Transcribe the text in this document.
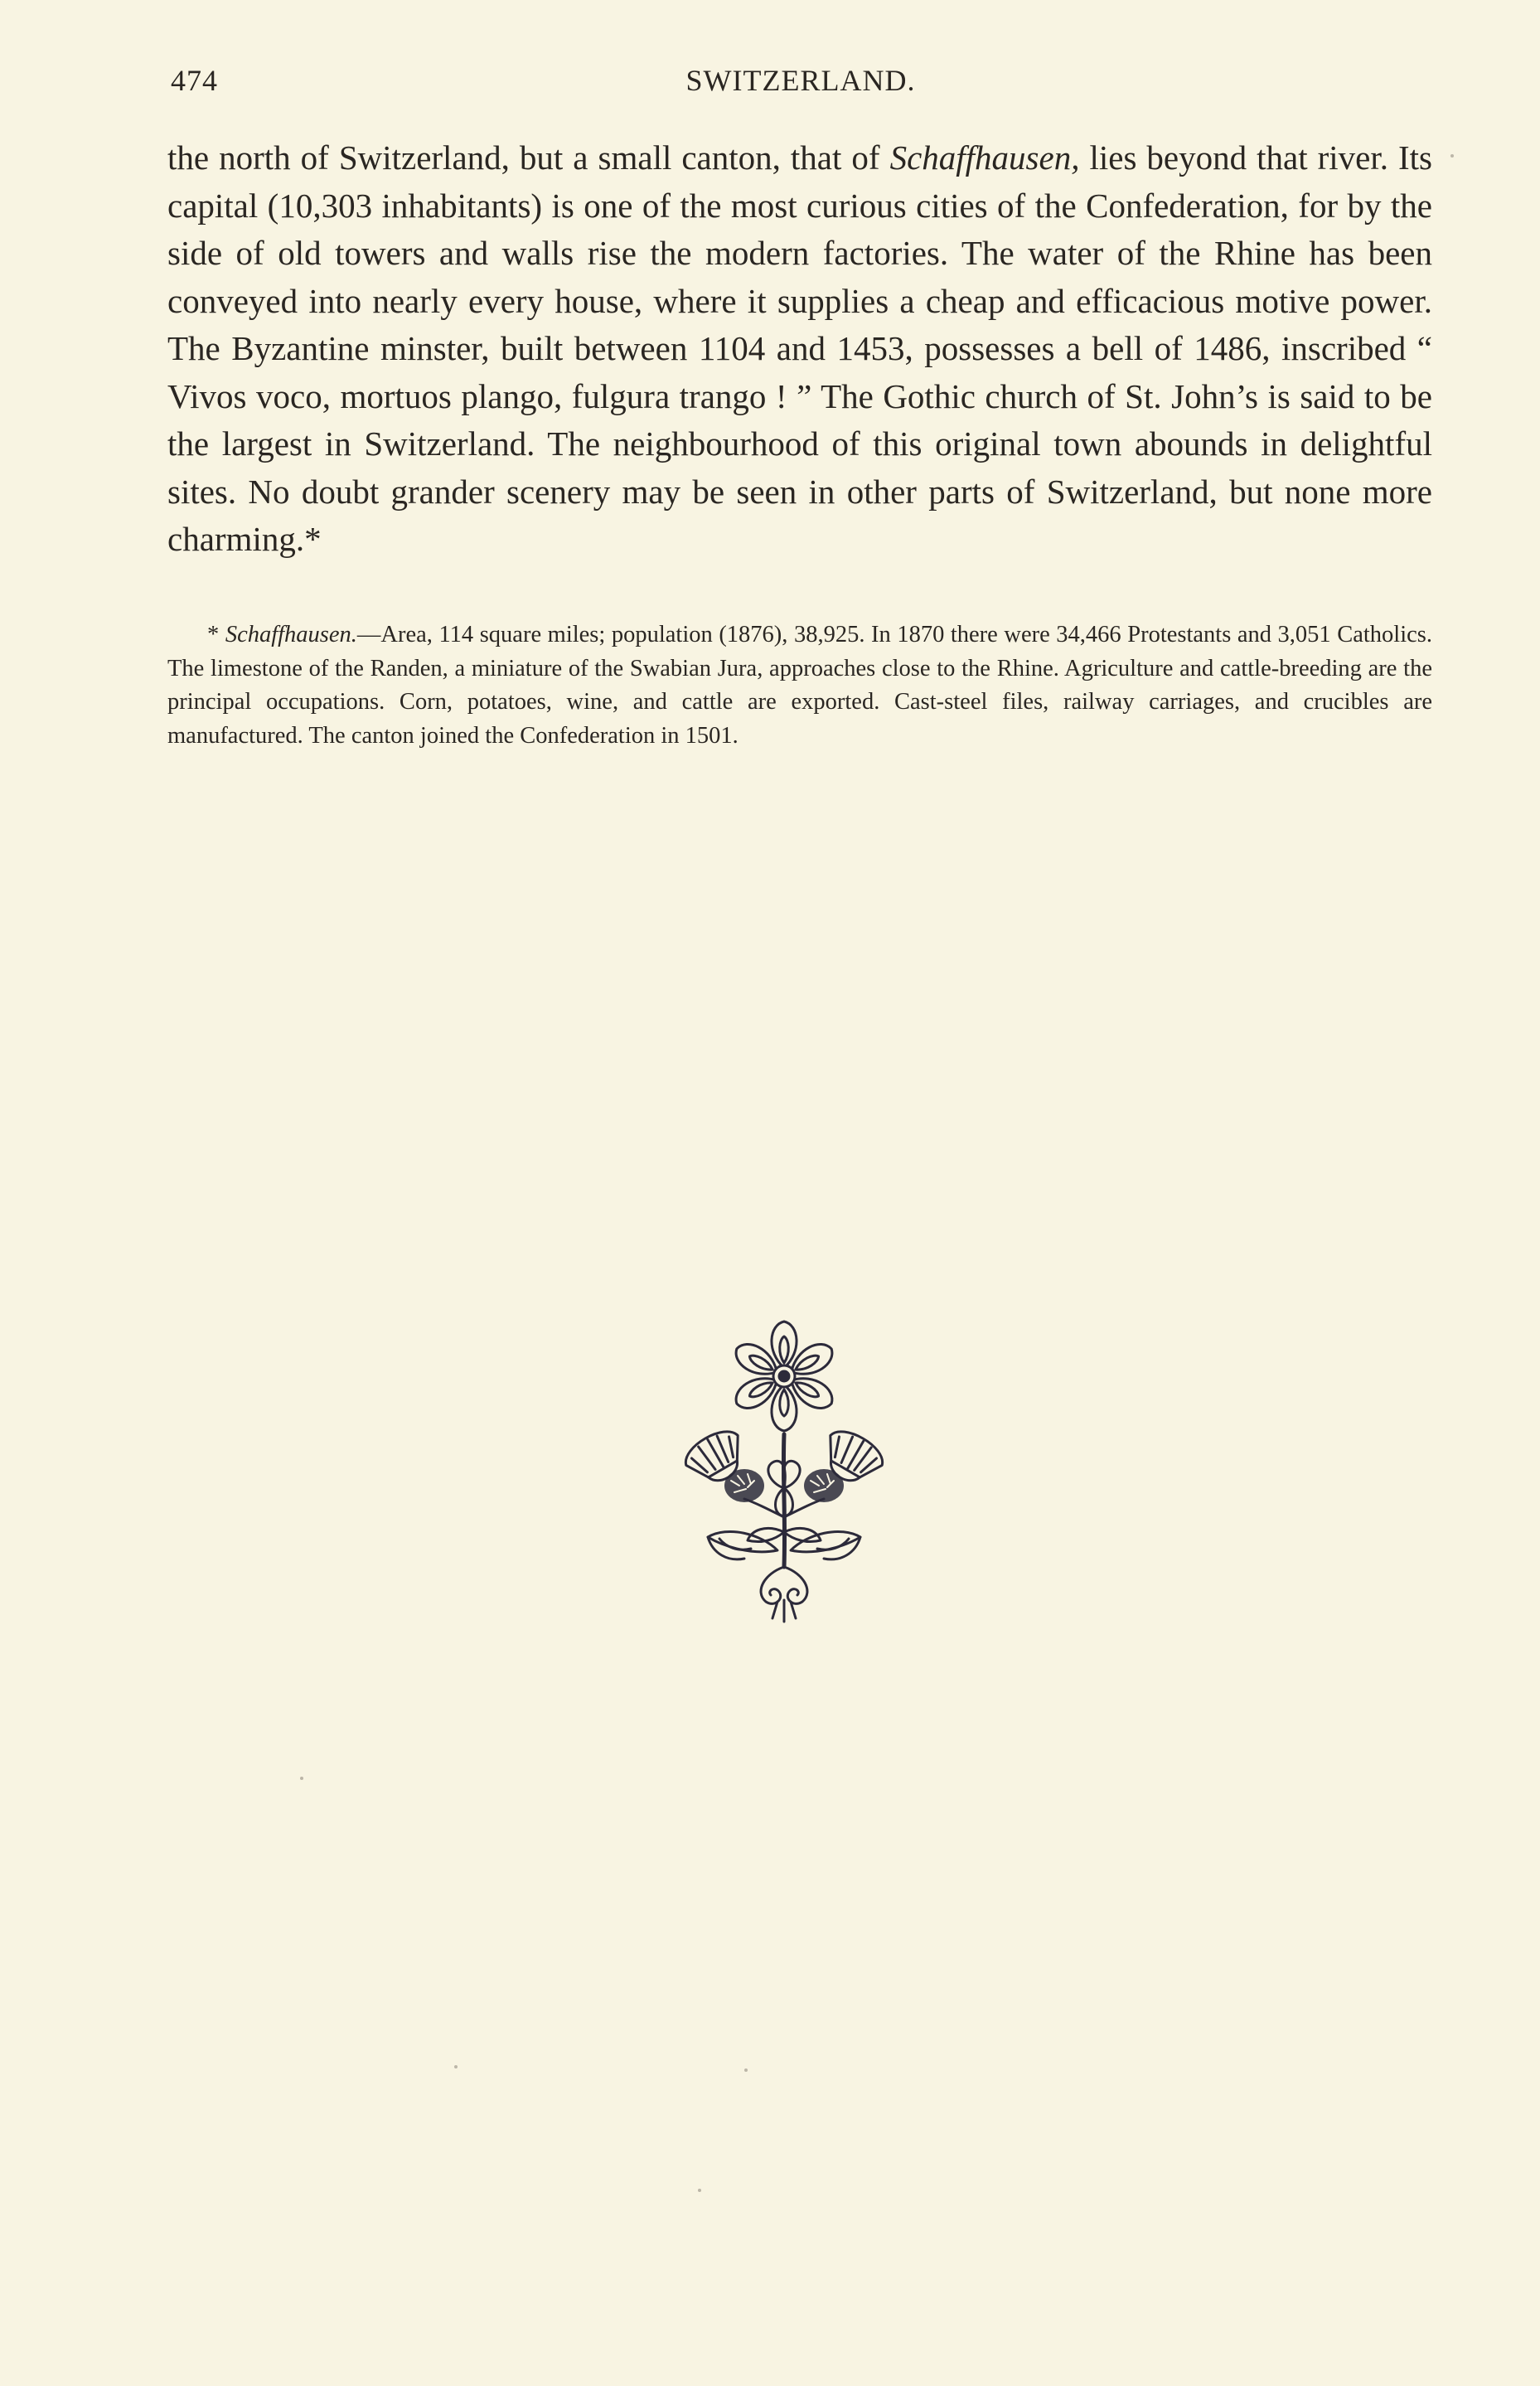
474	SWITZERLAND.

the north of Switzerland, but a small canton, that of Schaffhausen, lies beyond that river. Its capital (10,303 inhabitants) is one of the most curious cities of the Confederation, for by the side of old towers and walls rise the modern factories. The water of the Rhine has been conveyed into nearly every house, where it supplies a cheap and efficacious motive power. The Byzantine minster, built between 1104 and 1453, possesses a bell of 1486, inscribed “ Vivos voco, mortuos plango, fulgura trango ! ” The Gothic church of St. John’s is said to be the largest in Switzerland. The neighbourhood of this original town abounds in delightful sites. No doubt grander scenery may be seen in other parts of Switzerland, but none more charming.*

* Schaffhausen.—Area, 114 square miles; population (1876), 38,925. In 1870 there were 34,466 Protestants and 3,051 Catholics. The limestone of the Randen, a miniature of the Swabian Jura, approaches close to the Rhine. Agriculture and cattle-breeding are the principal occupations. Corn, potatoes, wine, and cattle are exported. Cast-steel files, railway carriages, and crucibles are manufactured. The canton joined the Confederation in 1501.
